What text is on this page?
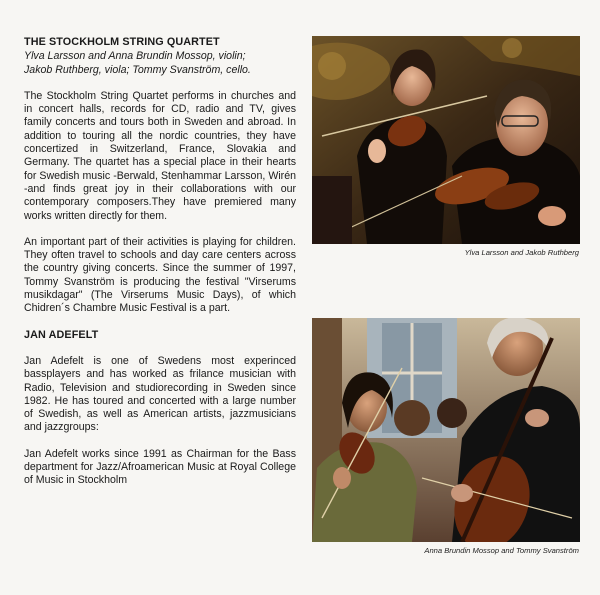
THE STOCKHOLM STRING QUARTET
Ylva Larsson and Anna Brundin Mossop, violin;
Jakob Ruthberg, viola; Tommy Svanström, cello.

The Stockholm String Quartet performs in churches and in concert halls, records for CD, radio and TV, gives family concerts and tours both in Sweden and abroad. In addition to touring all the nordic countries, they have concertized in Switzerland, France, Slovakia and Germany. The quartet has a special place in their hearts for Swedish music -Berwald, Stenhammar Larsson, Wirén -and finds great joy in their collaborations with our contemporary composers.They have premiered many works written directly for them.

An important part of their activities is playing for children. They often travel to schools and day care centers across the country giving concerts. Since the summer of 1997, Tommy Svanström is producing the festival "Virserums musikdagar" (The Virserums Music Days), of which Chidren´s Chambre Music Festival is a part.

JAN ADEFELT

Jan Adefelt is one of Swedens most experinced bassplayers and has worked as frilance musician with Radio, Television and studiorecording in Sweden since 1982. He has toured and concerted with a large number of Swedish, as well as American artists, jazzmusicians and jazzgroups:

Jan Adefelt works since 1991 as Chairman for the Bass department for Jazz/Afroamerican Music at Royal College of Music in Stockholm

Ylva Larsson and Jakob Ruthberg
Anna Brundin Mossop and Tommy Svanström
